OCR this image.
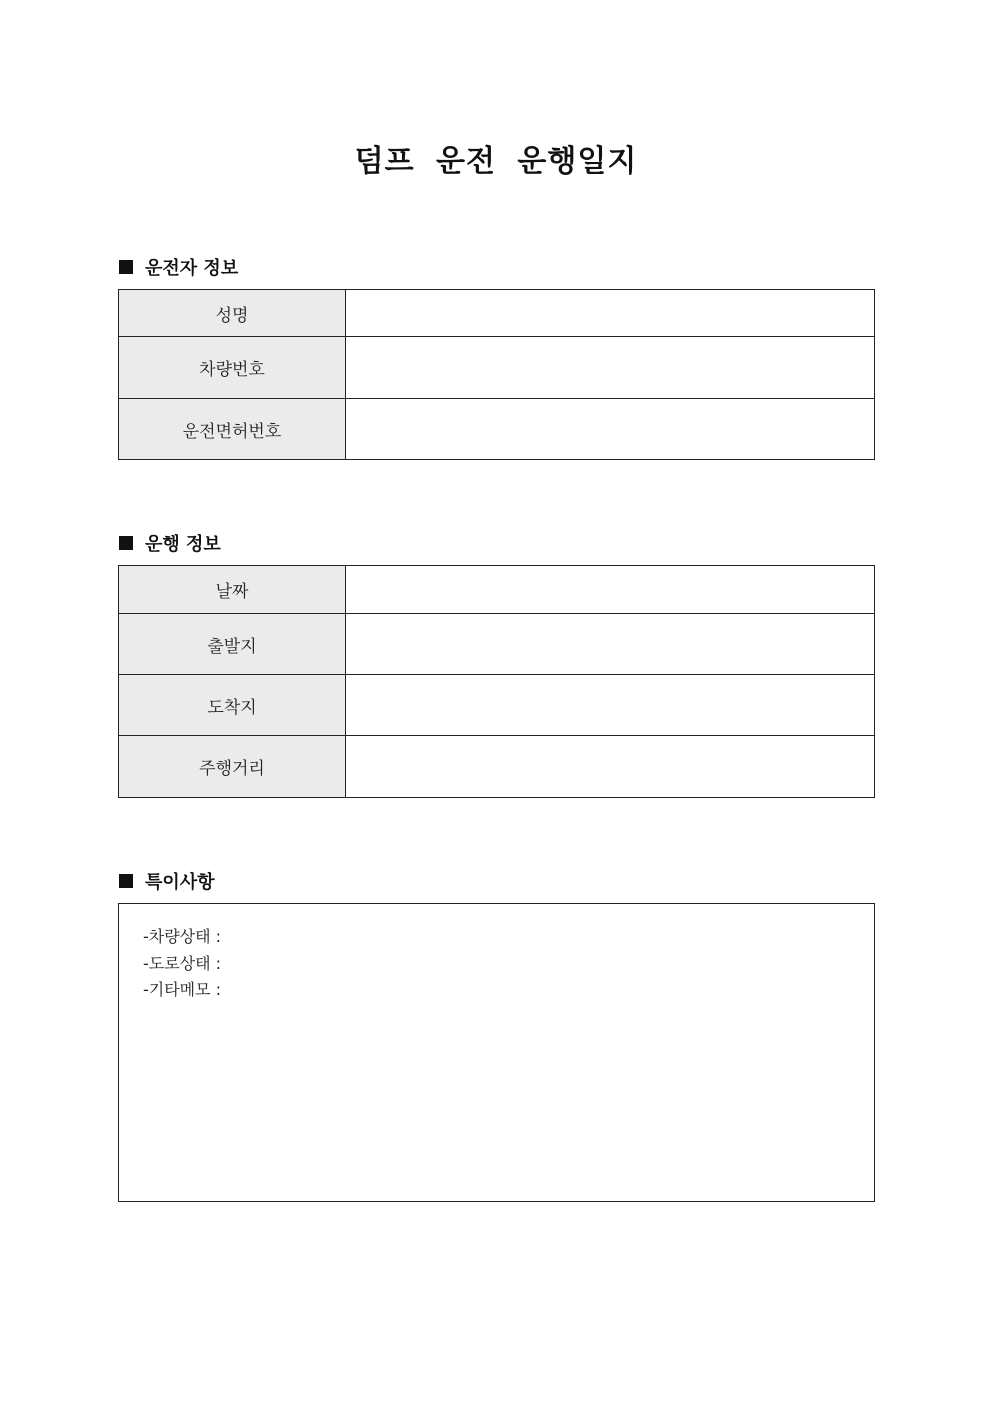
덤프 운전 운행일지
운전자 정보
성명	
차량번호	
운전면허번호	
운행 정보
날짜	
출발지	
도착지	
주행거리	
특이사항
-차량상태 :
-도로상태 :
-기타메모 :
